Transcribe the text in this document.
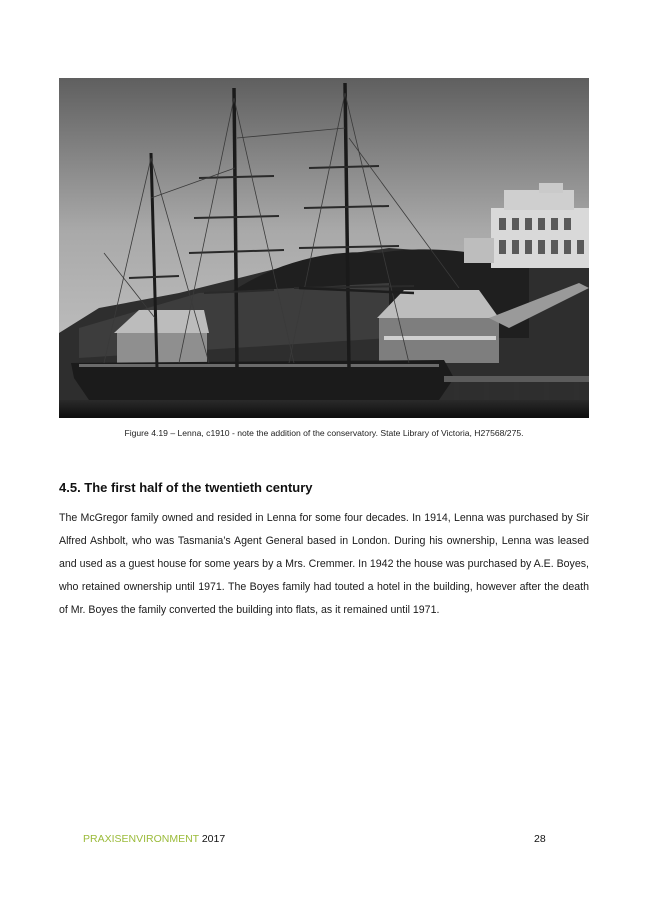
Figure 4.19 – Lenna, c1910 - note the addition of the conservatory. State Library of Victoria, H27568/275.
4.5. The first half of the twentieth century

The McGregor family owned and resided in Lenna for some four decades. In 1914, Lenna was purchased by Sir Alfred Ashbolt, who was Tasmania’s Agent General based in London. During his ownership, Lenna was leased and used as a guest house for some years by a Mrs. Cremmer. In 1942 the house was purchased by A.E. Boyes, who retained ownership until 1971. The Boyes family had touted a hotel in the building, however after the death of Mr. Boyes the family converted the building into flats, as it remained until 1971.

PRAXISENVIRONMENT 2017	28
